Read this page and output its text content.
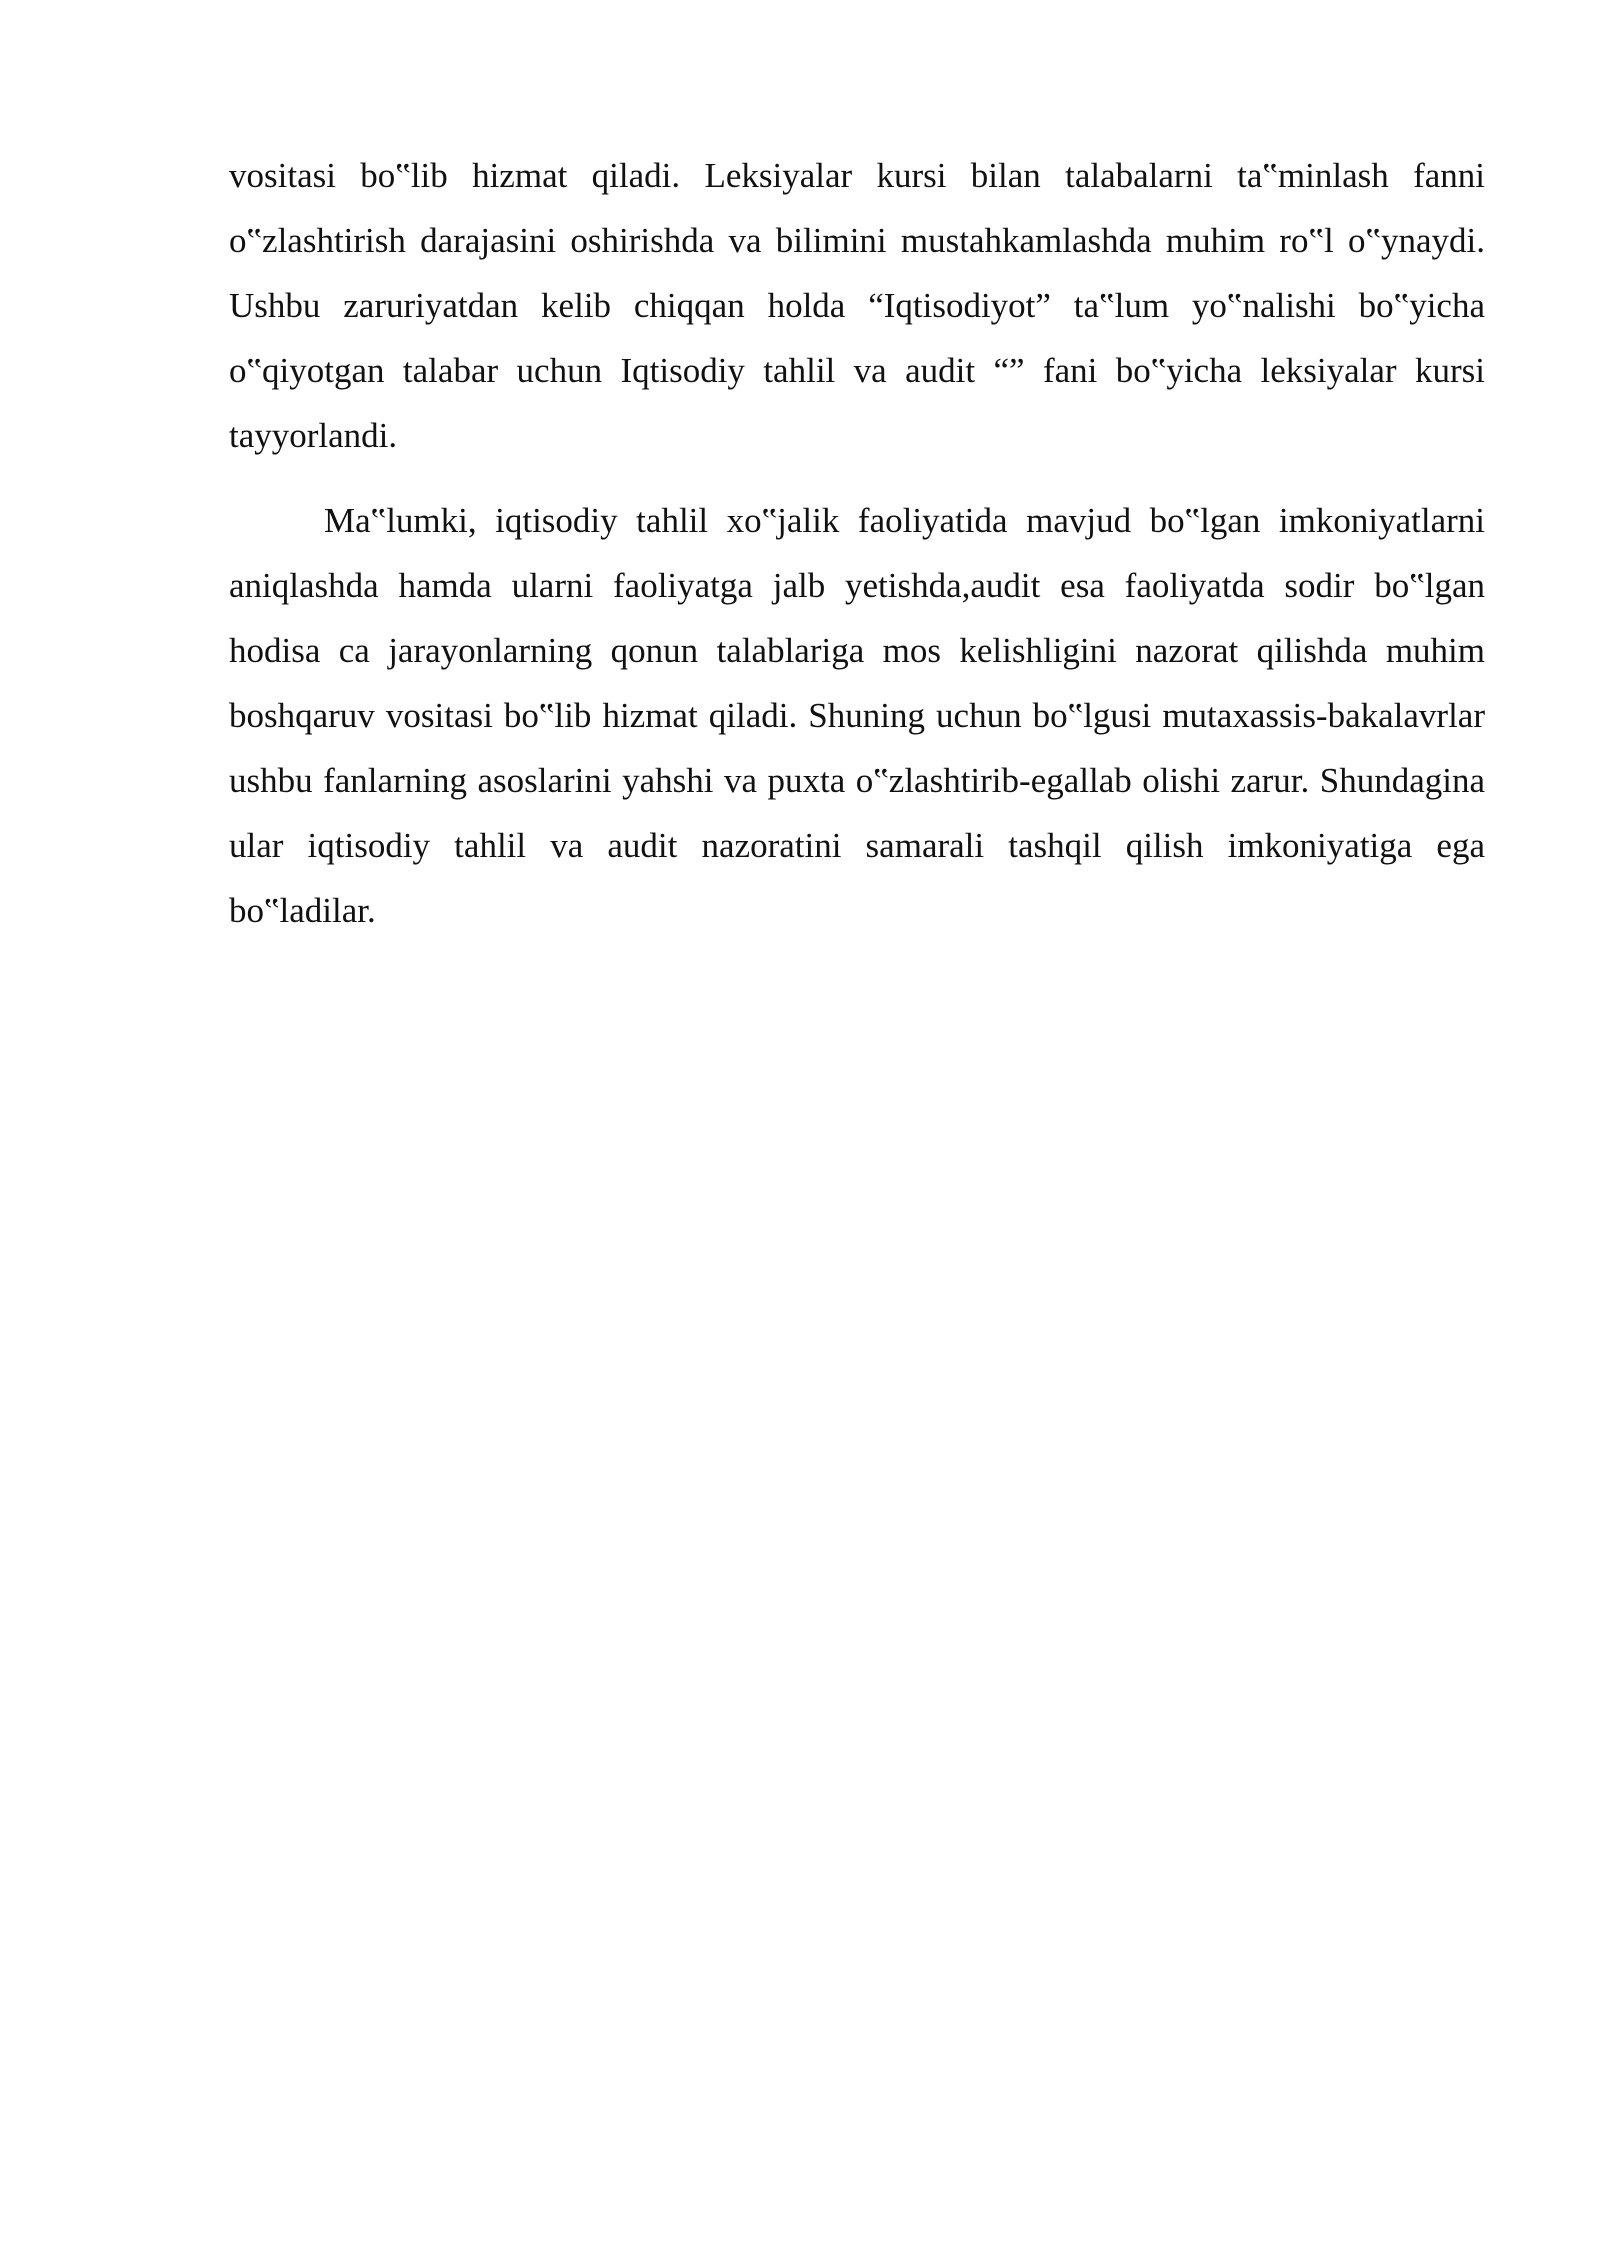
vositasi bo‟lib hizmat qiladi. Leksiyalar kursi bilan talabalarni ta‟minlash fanni o‟zlashtirish darajasini oshirishda va bilimini mustahkamlashda muhim ro‟l o‟ynaydi. Ushbu zaruriyatdan kelib chiqqan holda “Iqtisodiyot” ta‟lum yo‟nalishi bo‟yicha o‟qiyotgan talabar uchun Iqtisodiy tahlil va audit “” fani bo‟yicha leksiyalar kursi tayyorlandi.

Ma‟lumki, iqtisodiy tahlil xo‟jalik faoliyatida mavjud bo‟lgan imkoniyatlarni aniqlashda hamda ularni faoliyatga jalb yetishda,audit esa faoliyatda sodir bo‟lgan hodisa ca jarayonlarning qonun talablariga mos kelishligini nazorat qilishda muhim boshqaruv vositasi bo‟lib hizmat qiladi. Shuning uchun bo‟lgusi mutaxassis-bakalavrlar ushbu fanlarning asoslarini yahshi va puxta o‟zlashtirib-egallab olishi zarur. Shundagina ular iqtisodiy tahlil va audit nazoratini samarali tashqil qilish imkoniyatiga ega bo‟ladilar.
